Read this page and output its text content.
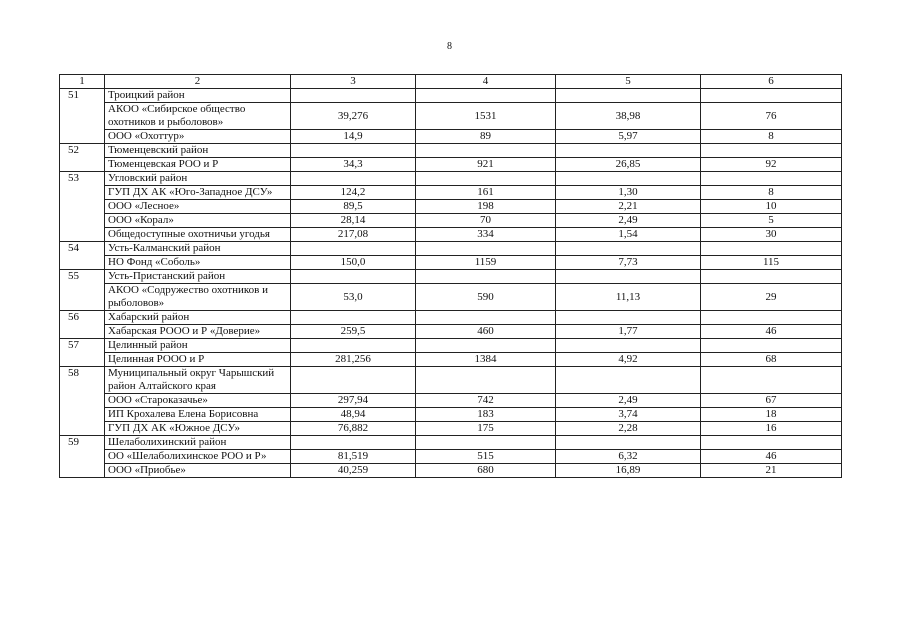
8
1	2	3	4	5	6
51	Троицкий район				
	АКОО «Сибирское общество охотников и рыболовов»	39,276	1531	38,98	76
	ООО «Охоттур»	14,9	89	5,97	8
52	Тюменцевский район				
	Тюменцевская РОО и Р	34,3	921	26,85	92
53	Угловский район				
	ГУП ДХ АК «Юго-Западное ДСУ»	124,2	161	1,30	8
	ООО «Лесное»	89,5	198	2,21	10
	ООО «Корал»	28,14	70	2,49	5
	Общедоступные охотничьи угодья	217,08	334	1,54	30
54	Усть-Калманский район				
	НО Фонд «Соболь»	150,0	1159	7,73	115
55	Усть-Пристанский район				
	АКОО «Содружество охотников и рыболовов»	53,0	590	11,13	29
56	Хабарский район				
	Хабарская РООО и Р «Доверие»	259,5	460	1,77	46
57	Целинный район				
	Целинная РООО и Р	281,256	1384	4,92	68
58	Муниципальный округ Чарышский район Алтайского края				
	ООО «Староказачье»	297,94	742	2,49	67
	ИП Крохалева Елена Борисовна	48,94	183	3,74	18
	ГУП ДХ АК «Южное ДСУ»	76,882	175	2,28	16
59	Шелаболихинский район				
	ОО «Шелаболихинское РОО и Р»	81,519	515	6,32	46
	ООО «Приобье»	40,259	680	16,89	21
